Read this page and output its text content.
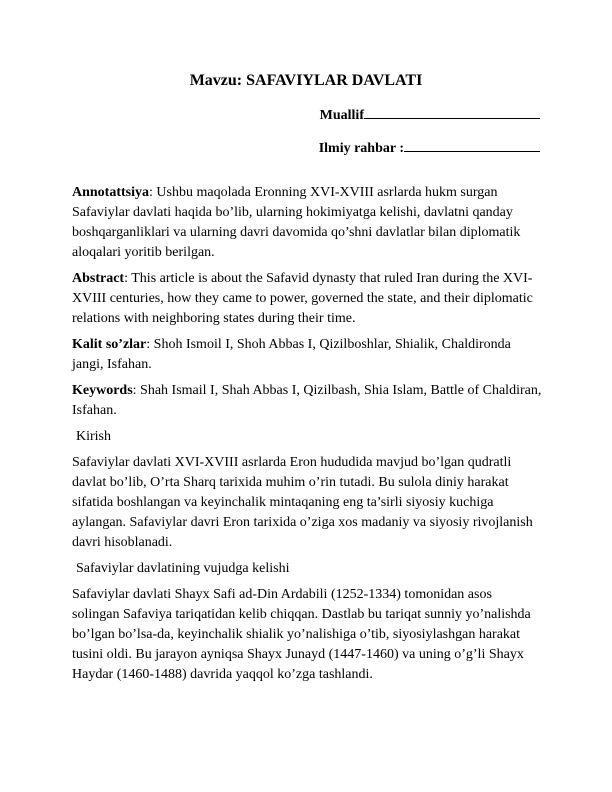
Mavzu: SAFAVIYLAR DAVLATI
Muallif
Ilmiy rahbar :

Annotattsiya: Ushbu maqolada Eronning XVI-XVIII asrlarda hukm surgan Safaviylar davlati haqida bo’lib, ularning hokimiyatga kelishi, davlatni qanday boshqarganliklari va ularning davri davomida qo’shni davlatlar bilan diplomatik aloqalari yoritib berilgan.

Abstract: This article is about the Safavid dynasty that ruled Iran during the XVI-XVIII centuries, how they came to power, governed the state, and their diplomatic relations with neighboring states during their time.

Kalit so’zlar: Shoh Ismoil I, Shoh Abbas I, Qizilboshlar, Shialik, Chaldironda jangi, Isfahan.

Keywords: Shah Ismail I, Shah Abbas I, Qizilbash, Shia Islam, Battle of Chaldiran, Isfahan.

Kirish

Safaviylar davlati XVI-XVIII asrlarda Eron hududida mavjud bo’lgan qudratli davlat bo’lib, O’rta Sharq tarixida muhim o’rin tutadi. Bu sulola diniy harakat sifatida boshlangan va keyinchalik mintaqaning eng ta’sirli siyosiy kuchiga aylangan. Safaviylar davri Eron tarixida o’ziga xos madaniy va siyosiy rivojlanish davri hisoblanadi.

Safaviylar davlatining vujudga kelishi

Safaviylar davlati Shayx Safi ad-Din Ardabili (1252-1334) tomonidan asos solingan Safaviya tariqatidan kelib chiqqan. Dastlab bu tariqat sunniy yo’nalishda bo’lgan bo’lsa-da, keyinchalik shialik yo’nalishiga o’tib, siyosiylashgan harakat tusini oldi. Bu jarayon ayniqsa Shayx Junayd (1447-1460) va uning o’g’li Shayx Haydar (1460-1488) davrida yaqqol ko’zga tashlandi.
